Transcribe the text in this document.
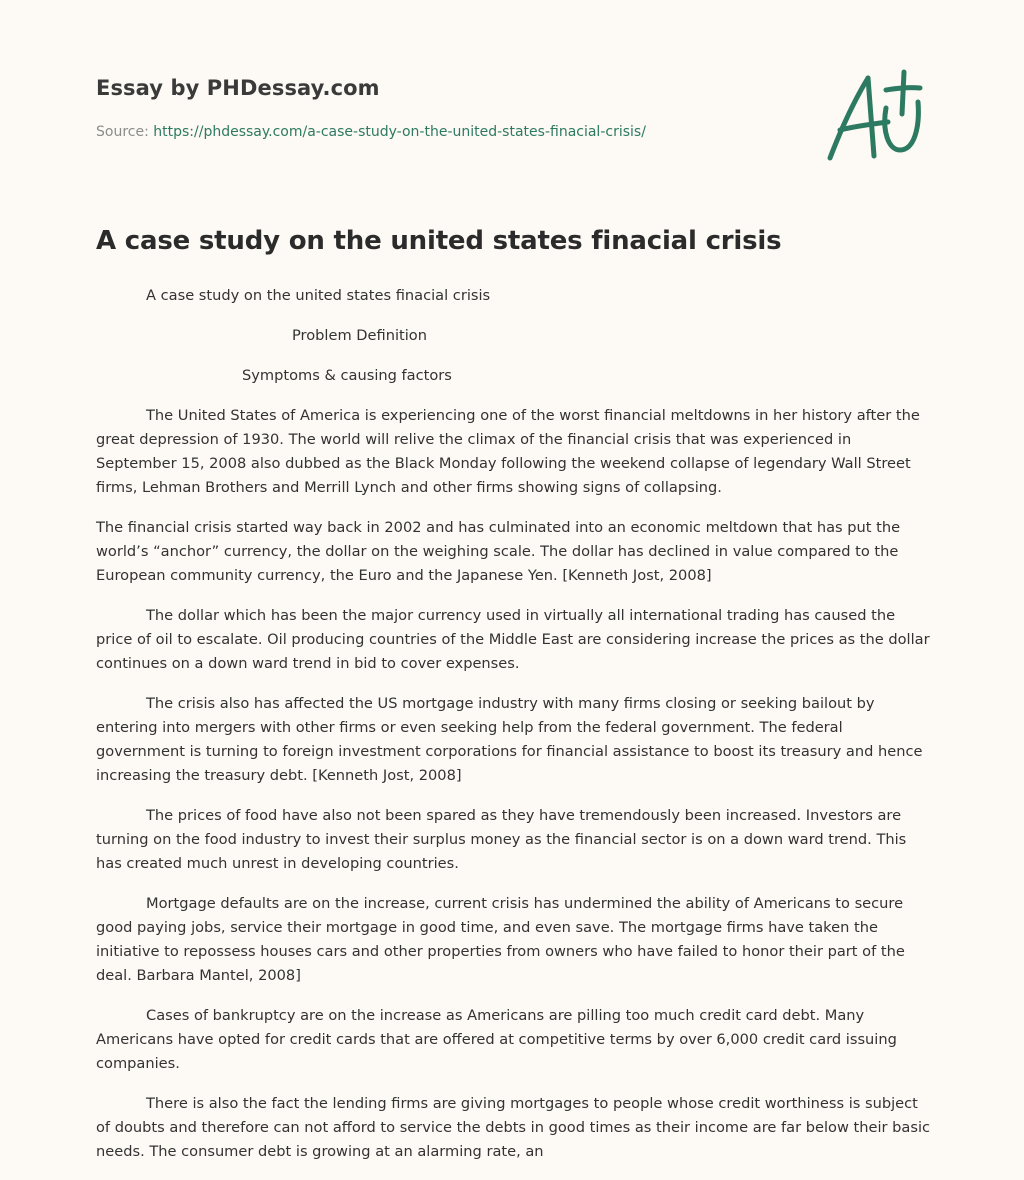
Essay by PHDessay.com
Source: https://phdessay.com/a-case-study-on-the-united-states-finacial-crisis/
A case study on the united states finacial crisis

A case study on the united states finacial crisis

Problem Definition

Symptoms & causing factors

The United States of America is experiencing one of the worst financial meltdowns in her history after the great depression of 1930. The world will relive the climax of the financial crisis that was experienced in September 15, 2008 also dubbed as the Black Monday following the weekend collapse of legendary Wall Street firms, Lehman Brothers and Merrill Lynch and other firms showing signs of collapsing.

The financial crisis started way back in 2002 and has culminated into an economic meltdown that has put the world’s “anchor” currency, the dollar on the weighing scale. The dollar has declined in value compared to the European community currency, the Euro and the Japanese Yen. [Kenneth Jost, 2008]

The dollar which has been the major currency used in virtually all international trading has caused the price of oil to escalate. Oil producing countries of the Middle East are considering increase the prices as the dollar continues on a down ward trend in bid to cover expenses.

The crisis also has affected the US mortgage industry with many firms closing or seeking bailout by entering into mergers with other firms or even seeking help from the federal government. The federal government is turning to foreign investment corporations for financial assistance to boost its treasury and hence increasing the treasury debt. [Kenneth Jost, 2008]

The prices of food have also not been spared as they have tremendously been increased. Investors are turning on the food industry to invest their surplus money as the financial sector is on a down ward trend. This has created much unrest in developing countries.

Mortgage defaults are on the increase, current crisis has undermined the ability of Americans to secure good paying jobs, service their mortgage in good time, and even save. The mortgage firms have taken the initiative to repossess houses cars and other properties from owners who have failed to honor their part of the deal. Barbara Mantel, 2008]

Cases of bankruptcy are on the increase as Americans are pilling too much credit card debt. Many Americans have opted for credit cards that are offered at competitive terms by over 6,000 credit card issuing companies.

There is also the fact the lending firms are giving mortgages to people whose credit worthiness is subject of doubts and therefore can not afford to service the debts in good times as their income are far below their basic needs. The consumer debt is growing at an alarming rate, an
